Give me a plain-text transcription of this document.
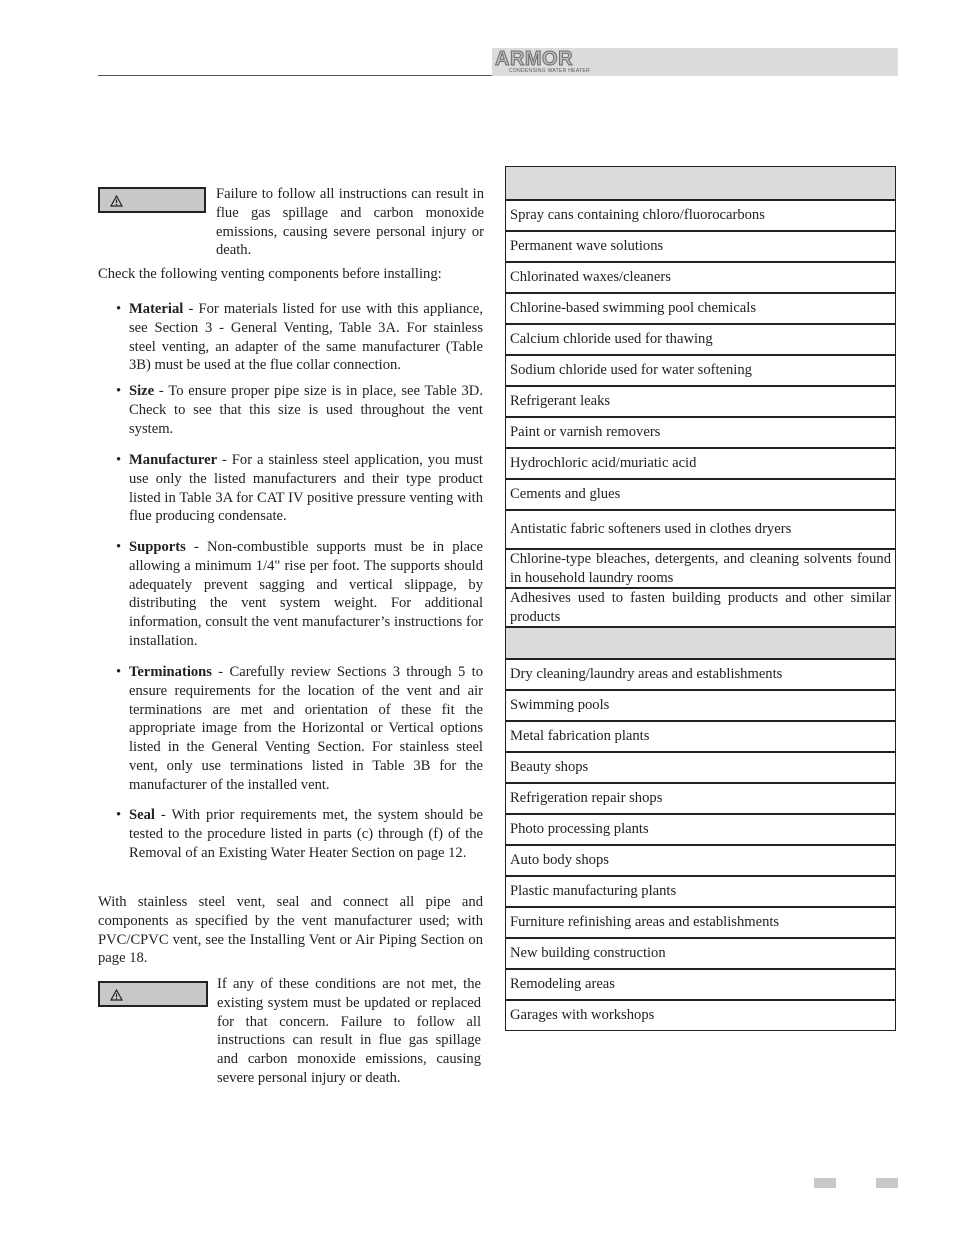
ARMOR
CONDENSING WATER HEATER
Failure to follow all instructions can result in flue gas spillage and carbon monoxide emissions, causing severe personal injury or death.
Check the following venting components before installing:
• Material - For materials listed for use with this appliance, see Section 3 - General Venting, Table 3A. For stainless steel venting, an adapter of the same manufacturer (Table 3B) must be used at the flue collar connection.
• Size - To ensure proper pipe size is in place, see Table 3D. Check to see that this size is used throughout the vent system.
• Manufacturer - For a stainless steel application, you must use only the listed manufacturers and their type product listed in Table 3A for CAT IV positive pressure venting with flue producing condensate.
• Supports - Non-combustible supports must be in place allowing a minimum 1/4" rise per foot. The supports should adequately prevent sagging and vertical slippage, by distributing the vent system weight. For additional information, consult the vent manufacturer’s instructions for installation.
• Terminations - Carefully review Sections 3 through 5 to ensure requirements for the location of the vent and air terminations are met and orientation of these fit the appropriate image from the Horizontal or Vertical options listed in the General Venting Section. For stainless steel vent, only use terminations listed in Table 3B for the manufacturer of the installed vent.
• Seal - With prior requirements met, the system should be tested to the procedure listed in parts (c) through (f) of the Removal of an Existing Water Heater Section on page 12.
With stainless steel vent, seal and connect all pipe and components as specified by the vent manufacturer used; with PVC/CPVC vent, see the Installing Vent or Air Piping Section on page 18.
If any of these conditions are not met, the existing system must be updated or replaced for that concern. Failure to follow all instructions can result in flue gas spillage and carbon monoxide emissions, causing severe personal injury or death.
Spray cans containing chloro/fluorocarbons
Permanent wave solutions
Chlorinated waxes/cleaners
Chlorine-based swimming pool chemicals
Calcium chloride used for thawing
Sodium chloride used for water softening
Refrigerant leaks
Paint or varnish removers
Hydrochloric acid/muriatic acid
Cements and glues
Antistatic fabric softeners used in clothes dryers
Chlorine-type bleaches, detergents, and cleaning solvents found in household laundry rooms
Adhesives used to fasten building products and other similar products
Dry cleaning/laundry areas and establishments
Swimming pools
Metal fabrication plants
Beauty shops
Refrigeration repair shops
Photo processing plants
Auto body shops
Plastic manufacturing plants
Furniture refinishing areas and establishments
New building construction
Remodeling areas
Garages with workshops
